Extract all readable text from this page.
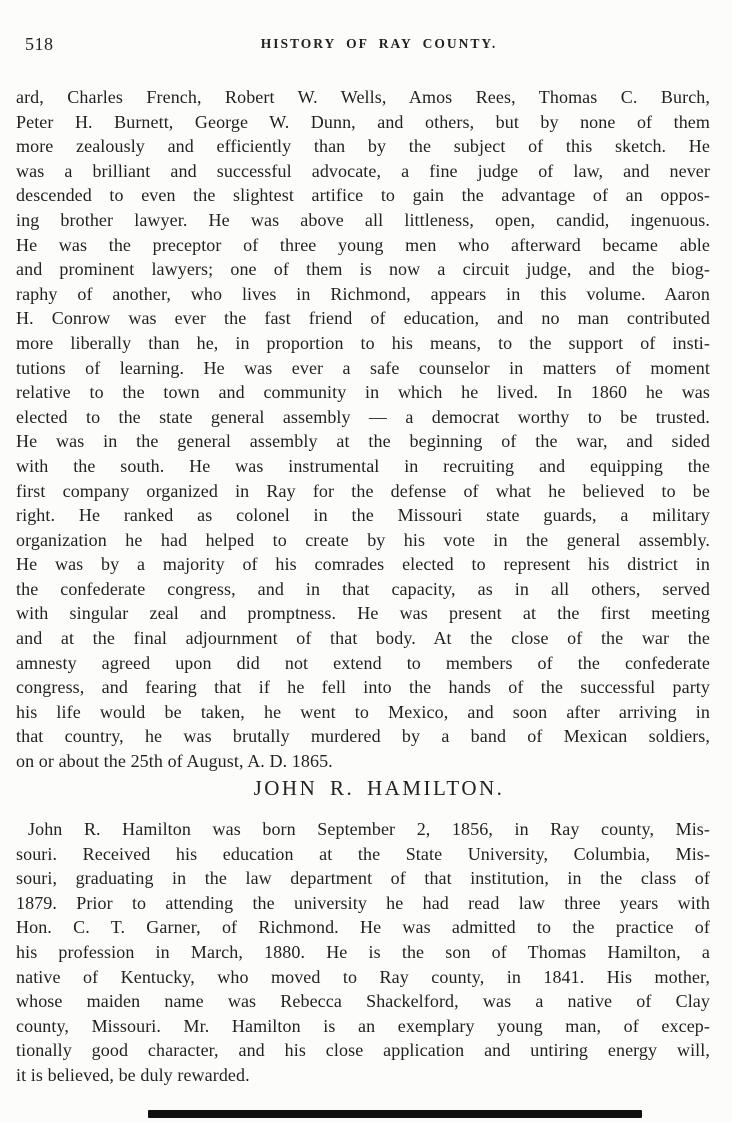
518	HISTORY OF RAY COUNTY.
ard, Charles French, Robert W. Wells, Amos Rees, Thomas C. Burch,
Peter H. Burnett, George W. Dunn, and others, but by none of them
more zealously and efficiently than by the subject of this sketch. He
was a brilliant and successful advocate, a fine judge of law, and never
descended to even the slightest artifice to gain the advantage of an oppos-
ing brother lawyer. He was above all littleness, open, candid, ingenuous.
He was the preceptor of three young men who afterward became able
and prominent lawyers; one of them is now a circuit judge, and the biog-
raphy of another, who lives in Richmond, appears in this volume. Aaron
H. Conrow was ever the fast friend of education, and no man contributed
more liberally than he, in proportion to his means, to the support of insti-
tutions of learning. He was ever a safe counselor in matters of moment
relative to the town and community in which he lived. In 1860 he was
elected to the state general assembly — a democrat worthy to be trusted.
He was in the general assembly at the beginning of the war, and sided
with the south. He was instrumental in recruiting and equipping the
first company organized in Ray for the defense of what he believed to be
right. He ranked as colonel in the Missouri state guards, a military
organization he had helped to create by his vote in the general assembly.
He was by a majority of his comrades elected to represent his district in
the confederate congress, and in that capacity, as in all others, served
with singular zeal and promptness. He was present at the first meeting
and at the final adjournment of that body. At the close of the war the
amnesty agreed upon did not extend to members of the confederate
congress, and fearing that if he fell into the hands of the successful party
his life would be taken, he went to Mexico, and soon after arriving in
that country, he was brutally murdered by a band of Mexican soldiers,
on or about the 25th of August, A. D. 1865.
JOHN R. HAMILTON.
John R. Hamilton was born September 2, 1856, in Ray county, Mis-
souri. Received his education at the State University, Columbia, Mis-
souri, graduating in the law department of that institution, in the class of
1879. Prior to attending the university he had read law three years with
Hon. C. T. Garner, of Richmond. He was admitted to the practice of
his profession in March, 1880. He is the son of Thomas Hamilton, a
native of Kentucky, who moved to Ray county, in 1841. His mother,
whose maiden name was Rebecca Shackelford, was a native of Clay
county, Missouri. Mr. Hamilton is an exemplary young man, of excep-
tionally good character, and his close application and untiring energy will,
it is believed, be duly rewarded.
